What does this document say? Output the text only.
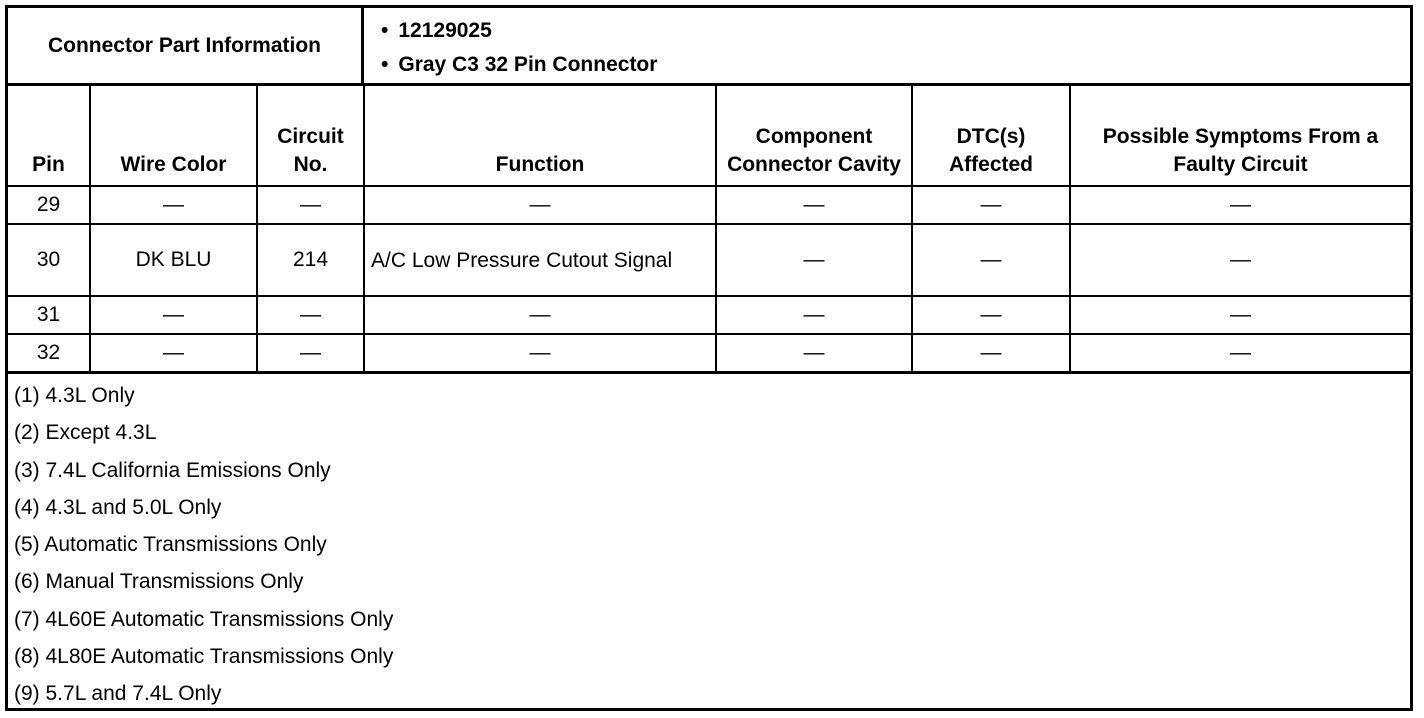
Connector Part Information
• 12129025
• Gray C3 32 Pin Connector
Pin	Wire Color	Circuit No.	Function	Component Connector Cavity	DTC(s) Affected	Possible Symptoms From a Faulty Circuit
29	—	—	—	—	—	—
30	DK BLU	214	A/C Low Pressure Cutout Signal	—	—	—
31	—	—	—	—	—	—
32	—	—	—	—	—	—
(1) 4.3L Only
(2) Except 4.3L
(3) 7.4L California Emissions Only
(4) 4.3L and 5.0L Only
(5) Automatic Transmissions Only
(6) Manual Transmissions Only
(7) 4L60E Automatic Transmissions Only
(8) 4L80E Automatic Transmissions Only
(9) 5.7L and 7.4L Only
